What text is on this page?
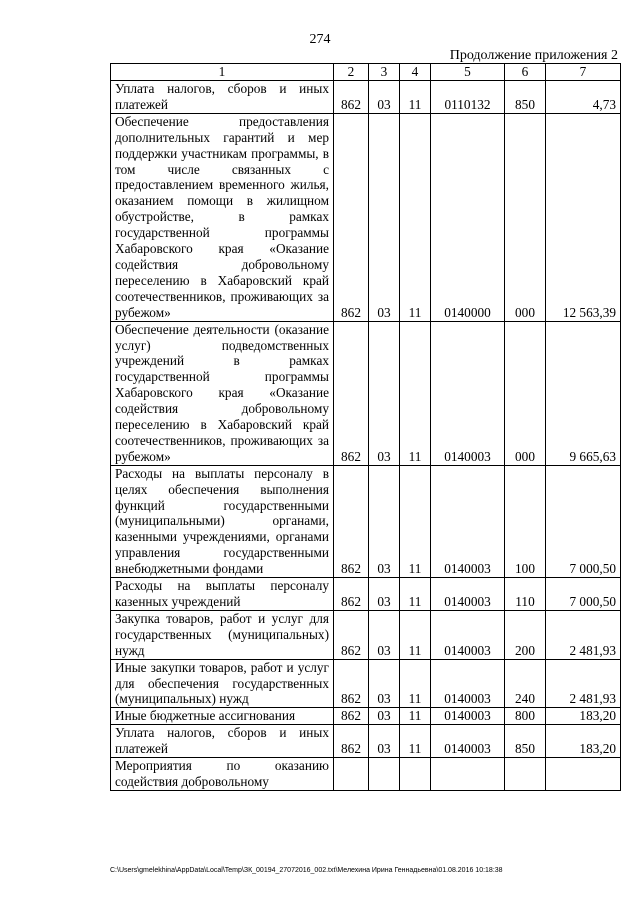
274
Продолжение приложения 2
1	2	3	4	5	6	7
Уплата налогов, сборов и иных платежей	862	03	11	0110132	850	4,73
Обеспечение предоставления дополнительных гарантий и мер поддержки участникам программы, в том числе связанных с предоставлением временного жилья, оказанием помощи в жилищном обустройстве, в рамках государственной программы Хабаровского края «Оказание содействия добровольному переселению в Хабаровский край соотечественников, проживающих за рубежом»	862	03	11	0140000	000	12 563,39
Обеспечение деятельности (оказание услуг) подведомственных учреждений в рамках государственной программы Хабаровского края «Оказание содействия добровольному переселению в Хабаровский край соотечественников, проживающих за рубежом»	862	03	11	0140003	000	9 665,63
Расходы на выплаты персоналу в целях обеспечения выполнения функций государственными (муниципальными) органами, казенными учреждениями, органами управления государственными внебюджетными фондами	862	03	11	0140003	100	7 000,50
Расходы на выплаты персоналу казенных учреждений	862	03	11	0140003	110	7 000,50
Закупка товаров, работ и услуг для государственных (муниципальных) нужд	862	03	11	0140003	200	2 481,93
Иные закупки товаров, работ и услуг для обеспечения государственных (муниципальных) нужд	862	03	11	0140003	240	2 481,93
Иные бюджетные ассигнования	862	03	11	0140003	800	183,20
Уплата налогов, сборов и иных платежей	862	03	11	0140003	850	183,20
Мероприятия по оказанию содействия добровольному						
C:\Users\gmelekhina\AppData\Local\Temp\ЗК_00194_27072016_002.txt\Мелехина Ирина Геннадьевна\01.08.2016 10:18:38
